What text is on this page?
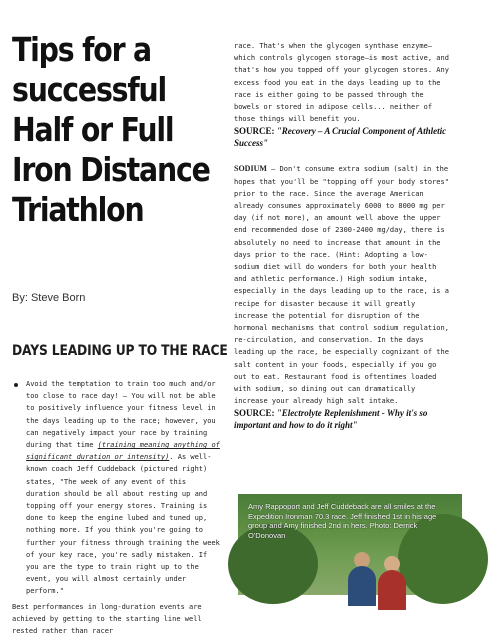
Tips for a successful Half or Full Iron Distance Triathlon
By: Steve Born
DAYS LEADING UP TO THE RACE

Avoid the temptation to train too much and/or too close to race day! – You will not be able to positively influence your fitness level in the days leading up to the race; however, you can negatively impact your race by training during that time (training meaning anything of significant duration or intensity). As well-known coach Jeff Cuddeback (pictured right) states, "The week of any event of this duration should be all about resting up and topping off your energy stores. Training is done to keep the engine lubed and tuned up, nothing more. If you think you're going to further your fitness through training the week of your key race, you're sadly mistaken. If you are the type to train right up to the event, you will almost certainly under perform."

Best performances in long-duration events are achieved by getting to the starting line well rested rather than racer

race. That's when the glycogen synthase enzyme—which controls glycogen storage—is most active, and that's how you topped off your glycogen stores. Any excess food you eat in the days leading up to the race is either going to be passed through the bowels or stored in adipose cells... neither of those things will benefit you.

SOURCE: "Recovery – A Crucial Component of Athletic Success"

SODIUM – Don't consume extra sodium (salt) in the hopes that you'll be "topping off your body stores" prior to the race. Since the average American already consumes approximately 6000 to 8000 mg per day (if not more), an amount well above the upper end recommended dose of 2300-2400 mg/day, there is absolutely no need to increase that amount in the days prior to the race. (Hint: Adopting a low-sodium diet will do wonders for both your health and athletic performance.) High sodium intake, especially in the days leading up to the race, is a recipe for disaster because it will greatly increase the potential for disruption of the hormonal mechanisms that control sodium regulation, re-circulation, and conservation. In the days leading up the race, be especially cognizant of the salt content in your foods, especially if you go out to eat. Restaurant food is oftentimes loaded with sodium, so dining out can dramatically increase your already high salt intake.

SOURCE: "Electrolyte Replenishment - Why it's so important and how to do it right"

Amy Rappoport and Jeff Cuddeback are all smiles at the Expedition Ironman 70.3 race. Jeff finished 1st in his age group and Amy finished 2nd in hers. Photo: Derrick O'Donovan
